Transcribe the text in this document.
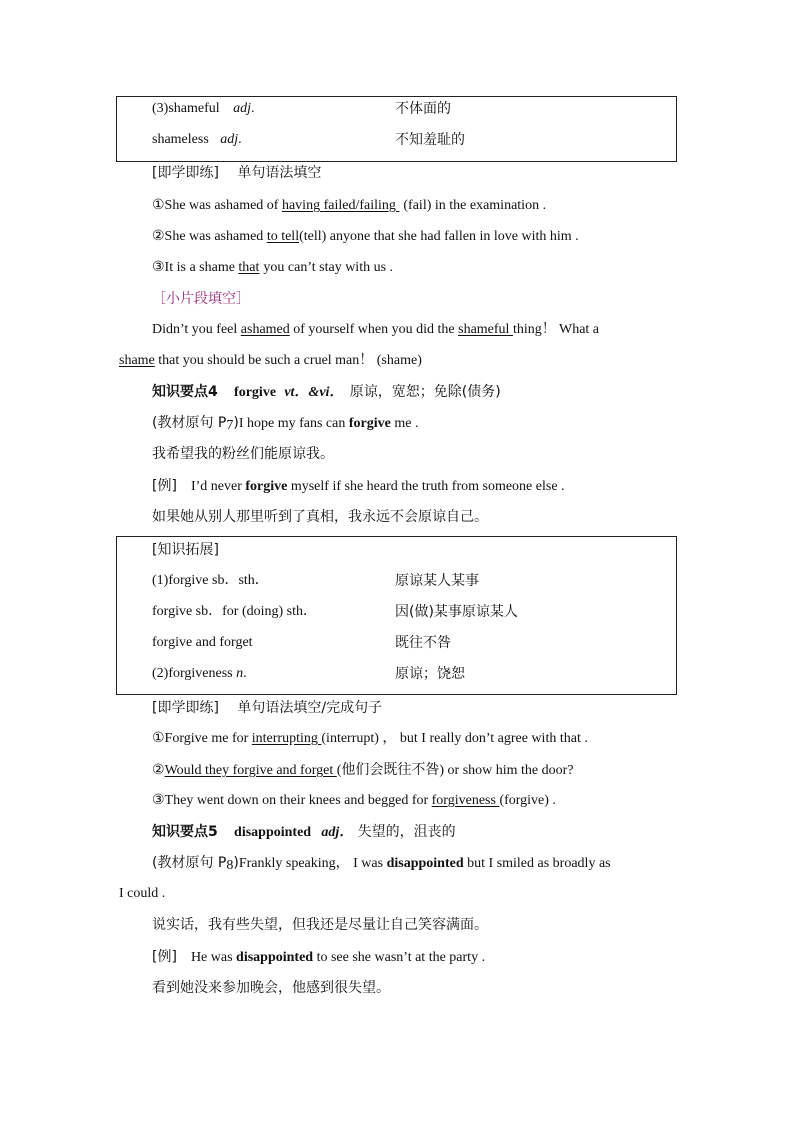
(3)shameful adj.	不体面的
shameless adj.	不知羞耻的
[即学即练] 单句语法填空
①She was ashamed of having failed/failing (fail) in the examination .
②She was ashamed to tell(tell) anyone that she had fallen in love with him .
③It is a shame that you can’t stay with us .
［小片段填空］
Didn’t you feel ashamed of yourself when you did the shameful thing！ What a
shame that you should be such a cruel man！ (shame)
知识要点4 forgive vt．&vi． 原谅，宽恕；免除(债务)
(教材原句 $P_7)I$ hope my fans can forgive me .
我希望我的粉丝们能原谅我。
[例] I’d never forgive myself if she heard the truth from someone else .
如果她从别人那里听到了真相，我永远不会原谅自己。
[知识拓展]
(1)forgive sb．sth．	原谅某人某事
forgive sb．for (doing) sth．	因(做)某事原谅某人
forgive and forget	既往不咎
(2)forgiveness n.	原谅；饶恕
[即学即练] 单句语法填空/完成句子
①Forgive me for interrupting (interrupt) ， but I really don’t agree with that .
②Would they forgive and forget (他们会既往不咎) or show him the door?
③They went down on their knees and begged for forgiveness (forgive) .
知识要点5 disappointed adj． 失望的，沮丧的
(教材原句 $P_8)Frankly$ speaking， I was disappointed but I smiled as broadly as
I could .
说实话，我有些失望，但我还是尽量让自己笑容满面。
[例] He was disappointed to see she wasn’t at the party .
看到她没来参加晚会，他感到很失望。
